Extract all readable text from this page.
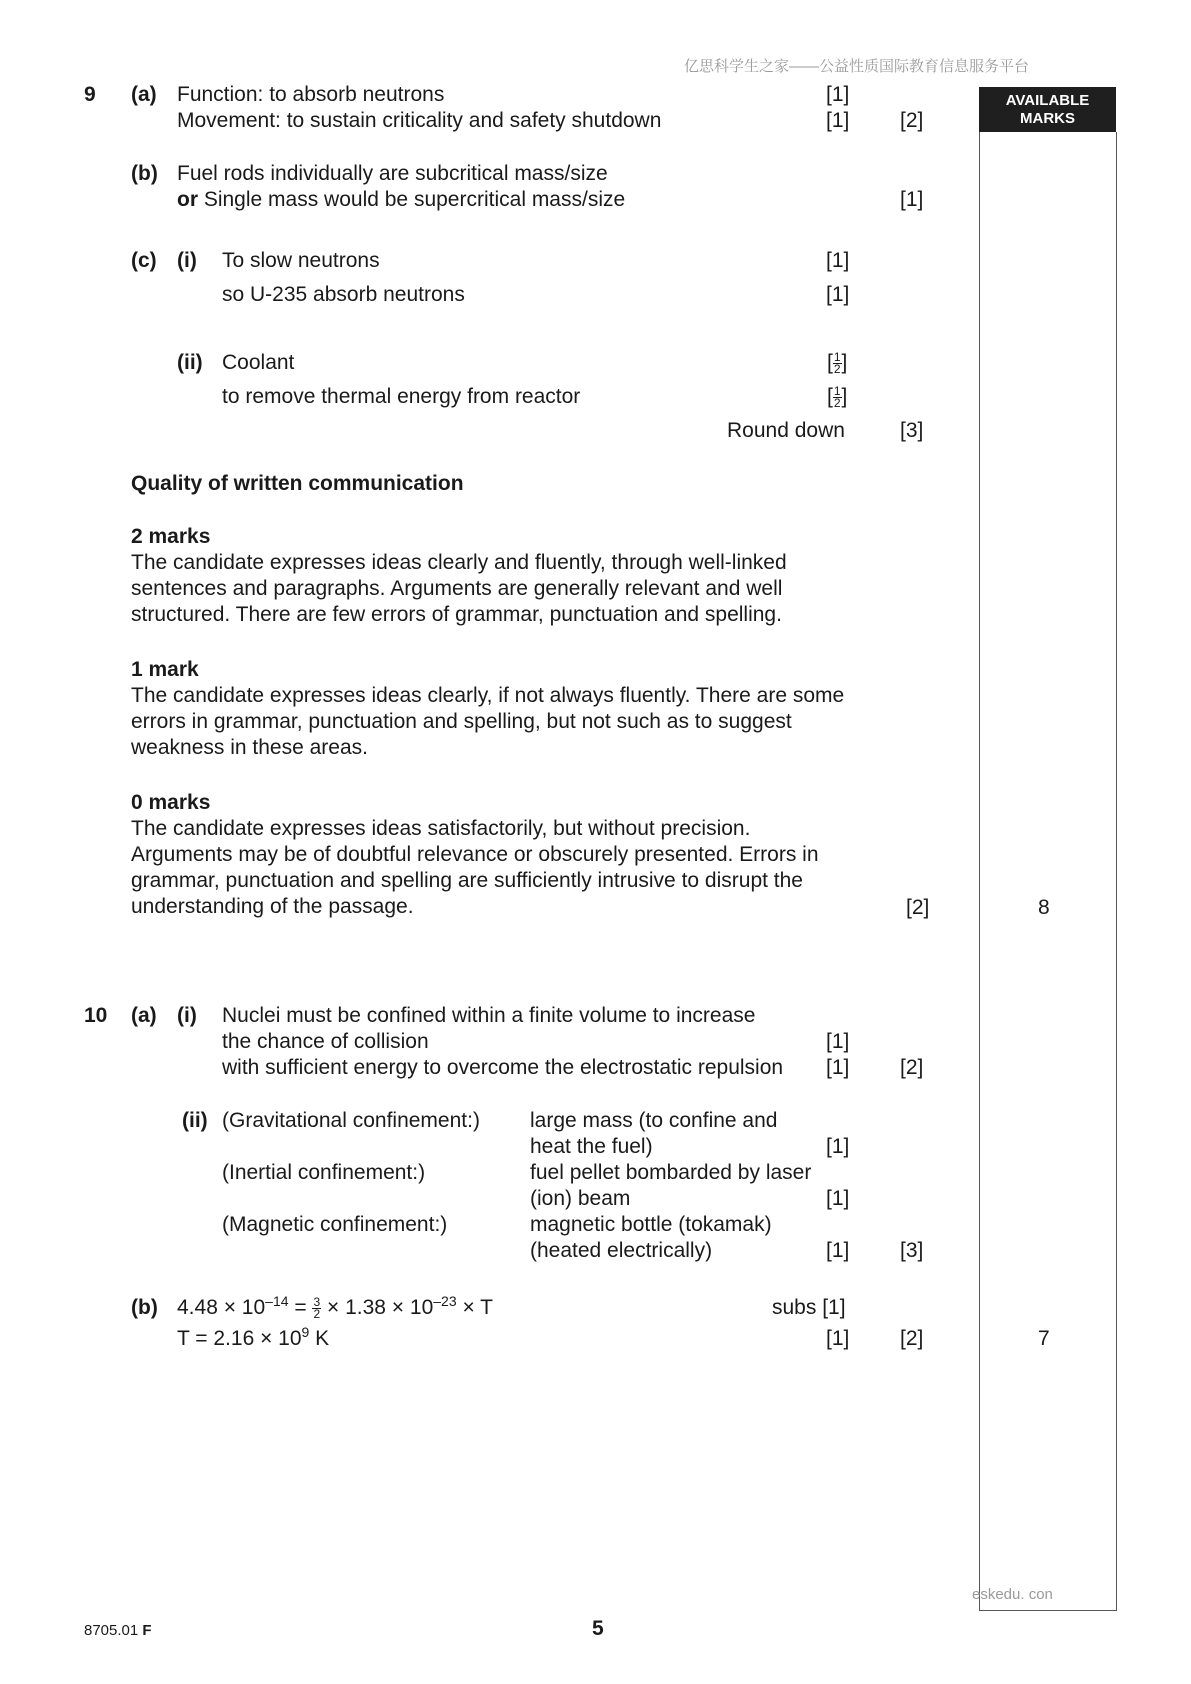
亿思科学生之家——公益性质国际教育信息服务平台
AVAILABLE
MARKS
9 (a) Function: to absorb neutrons	[1]
Movement: to sustain criticality and safety shutdown	[1] [2]
(b) Fuel rods individually are subcritical mass/size
or Single mass would be supercritical mass/size	[1]
(c) (i) To slow neutrons	[1]
so U-235 absorb neutrons	[1]
(ii) Coolant	[ $\frac{1}{2}$ ]
to remove thermal energy from reactor	[ $\frac{1}{2}$ ]
Round down	[3]
Quality of written communication
2 marks
The candidate expresses ideas clearly and fluently, through well-linked sentences and paragraphs. Arguments are generally relevant and well structured. There are few errors of grammar, punctuation and spelling.
1 mark
The candidate expresses ideas clearly, if not always fluently. There are some errors in grammar, punctuation and spelling, but not such as to suggest weakness in these areas.
0 marks
The candidate expresses ideas satisfactorily, but without precision. Arguments may be of doubtful relevance or obscurely presented. Errors in grammar, punctuation and spelling are sufficiently intrusive to disrupt the understanding of the passage.	[2]	8
10 (a) (i) Nuclei must be confined within a finite volume to increase
the chance of collision	[1]
with sufficient energy to overcome the electrostatic repulsion [1] [2]
(ii) (Gravitational confinement:) large mass (to confine and
heat the fuel)	[1]
(Inertial confinement:)	fuel pellet bombarded by laser
(ion) beam	[1]
(Magnetic confinement:)	magnetic bottle (tokamak)
(heated electrically)	[1] [3]
(b) $4.48 \times 10^{-14} = \frac{3}{2} \times 1.38 \times 10^{-23} \times T$	subs [1]
$T = 2.16 \times 10^9$ K	[1] [2]	7
eskedu. con
8705.01 F	5
